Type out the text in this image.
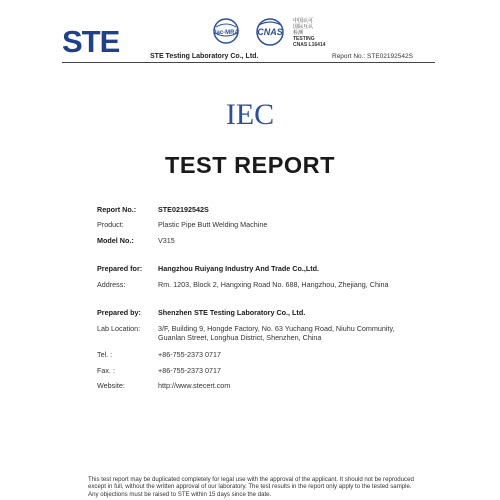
STE	ilac-MRA CNAS
中国认可
国际互认
检测
TESTING
CNAS L16414
STE Testing Laboratory Co., Ltd.	Report No.: STE02192542S
IEC
TEST REPORT
Report No.:	STE02192542S
Product:	Plastic Pipe Butt Welding Machine
Model No.:	V315
Prepared for: Hangzhou Ruiyang Industry And Trade Co.,Ltd.
Address:	Rm. 1203, Block 2, Hangxing Road No. 688, Hangzhou, Zhejiang, China
Prepared by: Shenzhen STE Testing Laboratory Co., Ltd.
Lab Location: 3/F, Building 9, Hongde Factory, No. 63 Yuchang Road, Niuhu Community,
Guanlan Street, Longhua District, Shenzhen, China
Tel. :	+86-755-2373 0717
Fax. :	+86-755-2373 0717
Website:	http://www.stecert.com
This test report may be duplicated completely for legal use with the approval of the applicant. It should not be reproduced except in full, without the written approval of our laboratory. The test results in the report only apply to the tested sample. Any objections must be raised to STE within 15 days since the date.
